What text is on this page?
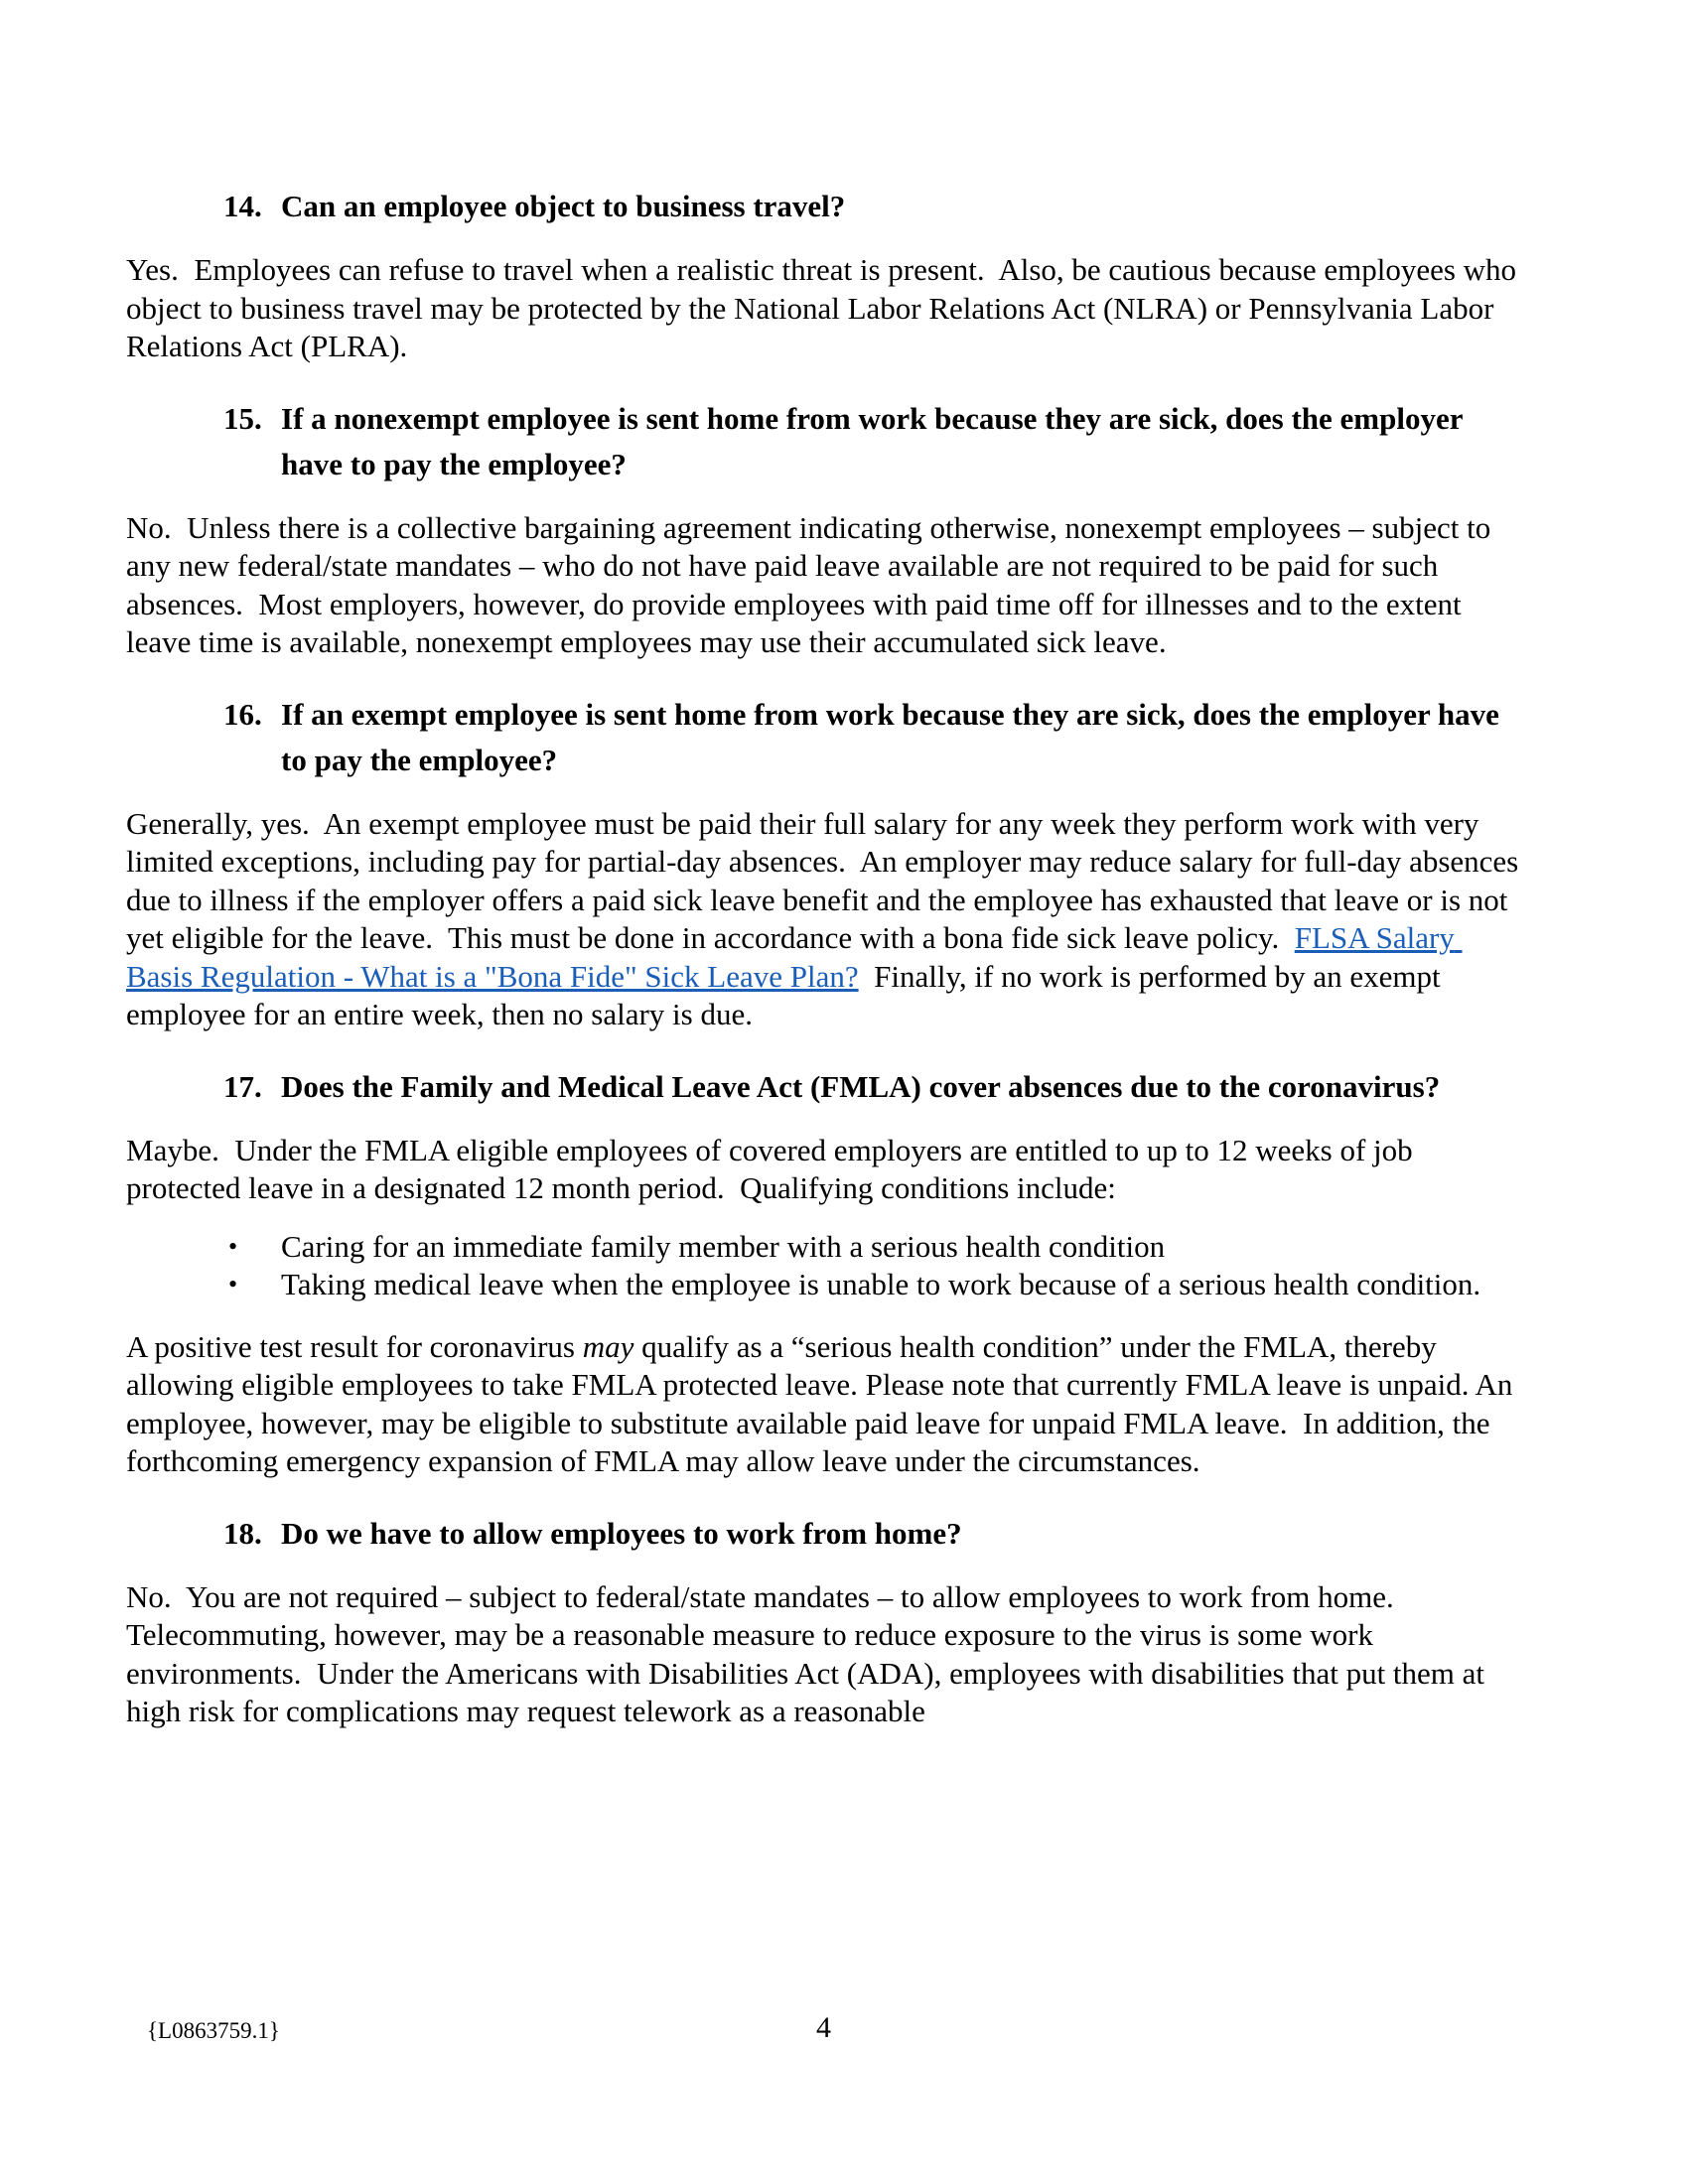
14. Can an employee object to business travel?

Yes.  Employees can refuse to travel when a realistic threat is present.  Also, be cautious because employees who object to business travel may be protected by the National Labor Relations Act (NLRA) or Pennsylvania Labor Relations Act (PLRA).

15. If a nonexempt employee is sent home from work because they are sick, does the employer have to pay the employee?

No.  Unless there is a collective bargaining agreement indicating otherwise, nonexempt employees – subject to any new federal/state mandates – who do not have paid leave available are not required to be paid for such absences.  Most employers, however, do provide employees with paid time off for illnesses and to the extent leave time is available, nonexempt employees may use their accumulated sick leave.

16. If an exempt employee is sent home from work because they are sick, does the employer have to pay the employee?

Generally, yes.  An exempt employee must be paid their full salary for any week they perform work with very limited exceptions, including pay for partial-day absences.  An employer may reduce salary for full-day absences due to illness if the employer offers a paid sick leave benefit and the employee has exhausted that leave or is not yet eligible for the leave.  This must be done in accordance with a bona fide sick leave policy.  FLSA Salary Basis Regulation - What is a "Bona Fide" Sick Leave Plan?  Finally, if no work is performed by an exempt employee for an entire week, then no salary is due.

17. Does the Family and Medical Leave Act (FMLA) cover absences due to the coronavirus?

Maybe.  Under the FMLA eligible employees of covered employers are entitled to up to 12 weeks of job protected leave in a designated 12 month period.  Qualifying conditions include:

•	Caring for an immediate family member with a serious health condition
•	Taking medical leave when the employee is unable to work because of a serious health condition.

A positive test result for coronavirus may qualify as a “serious health condition” under the FMLA, thereby allowing eligible employees to take FMLA protected leave. Please note that currently FMLA leave is unpaid. An employee, however, may be eligible to substitute available paid leave for unpaid FMLA leave.  In addition, the forthcoming emergency expansion of FMLA may allow leave under the circumstances.

18. Do we have to allow employees to work from home?

No.  You are not required – subject to federal/state mandates – to allow employees to work from home.  Telecommuting, however, may be a reasonable measure to reduce exposure to the virus is some work environments.  Under the Americans with Disabilities Act (ADA), employees with disabilities that put them at high risk for complications may request telework as a reasonable

{L0863759.1}	4
